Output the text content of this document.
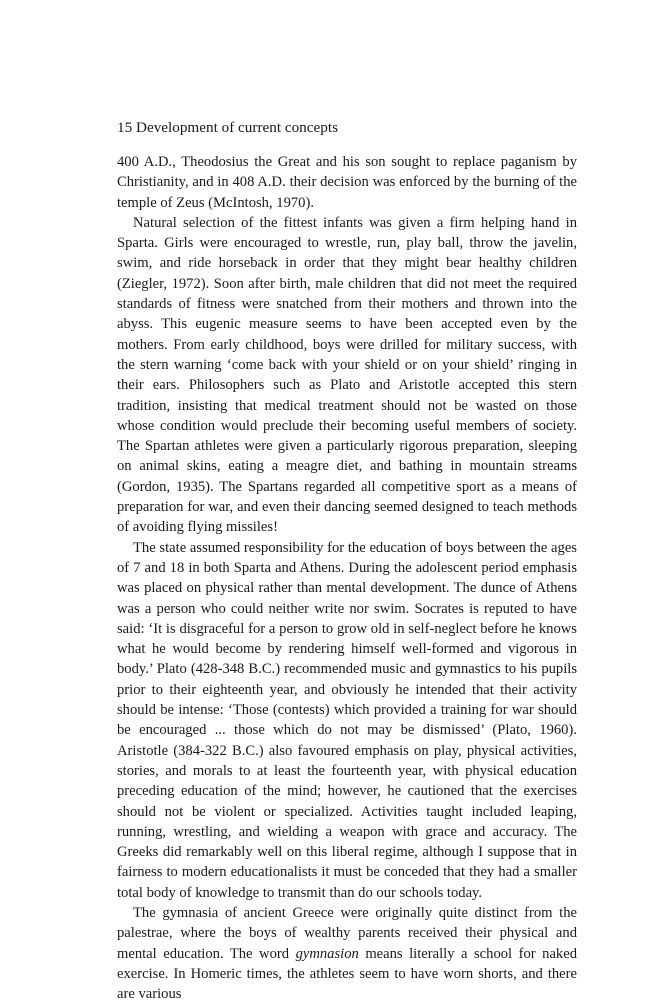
15 Development of current concepts

400 A.D., Theodosius the Great and his son sought to replace paganism by Christianity, and in 408 A.D. their decision was enforced by the burning of the temple of Zeus (McIntosh, 1970).

Natural selection of the fittest infants was given a firm helping hand in Sparta. Girls were encouraged to wrestle, run, play ball, throw the javelin, swim, and ride horseback in order that they might bear healthy children (Ziegler, 1972). Soon after birth, male children that did not meet the required standards of fitness were snatched from their mothers and thrown into the abyss. This eugenic measure seems to have been accepted even by the mothers. From early childhood, boys were drilled for military success, with the stern warning ‘come back with your shield or on your shield’ ringing in their ears. Philosophers such as Plato and Aristotle accepted this stern tradition, insisting that medical treatment should not be wasted on those whose condition would preclude their becoming useful members of society. The Spartan athletes were given a particularly rigorous preparation, sleeping on animal skins, eating a meagre diet, and bathing in mountain streams (Gordon, 1935). The Spartans regarded all competitive sport as a means of preparation for war, and even their dancing seemed designed to teach methods of avoiding flying missiles!

The state assumed responsibility for the education of boys between the ages of 7 and 18 in both Sparta and Athens. During the adolescent period emphasis was placed on physical rather than mental development. The dunce of Athens was a person who could neither write nor swim. Socrates is reputed to have said: ‘It is disgraceful for a person to grow old in self-neglect before he knows what he would become by rendering himself well-formed and vigorous in body.’ Plato (428-348 B.C.) recommended music and gymnastics to his pupils prior to their eighteenth year, and obviously he intended that their activity should be intense: ‘Those (contests) which provided a training for war should be encouraged ... those which do not may be dismissed’ (Plato, 1960). Aristotle (384-322 B.C.) also favoured emphasis on play, physical activities, stories, and morals to at least the fourteenth year, with physical education preceding education of the mind; however, he cautioned that the exercises should not be violent or specialized. Activities taught included leaping, running, wrestling, and wielding a weapon with grace and accuracy. The Greeks did remarkably well on this liberal regime, although I suppose that in fairness to modern educationalists it must be conceded that they had a smaller total body of knowledge to transmit than do our schools today.

The gymnasia of ancient Greece were originally quite distinct from the palestrae, where the boys of wealthy parents received their physical and mental education. The word gymnasion means literally a school for naked exercise. In Homeric times, the athletes seem to have worn shorts, and there are various
